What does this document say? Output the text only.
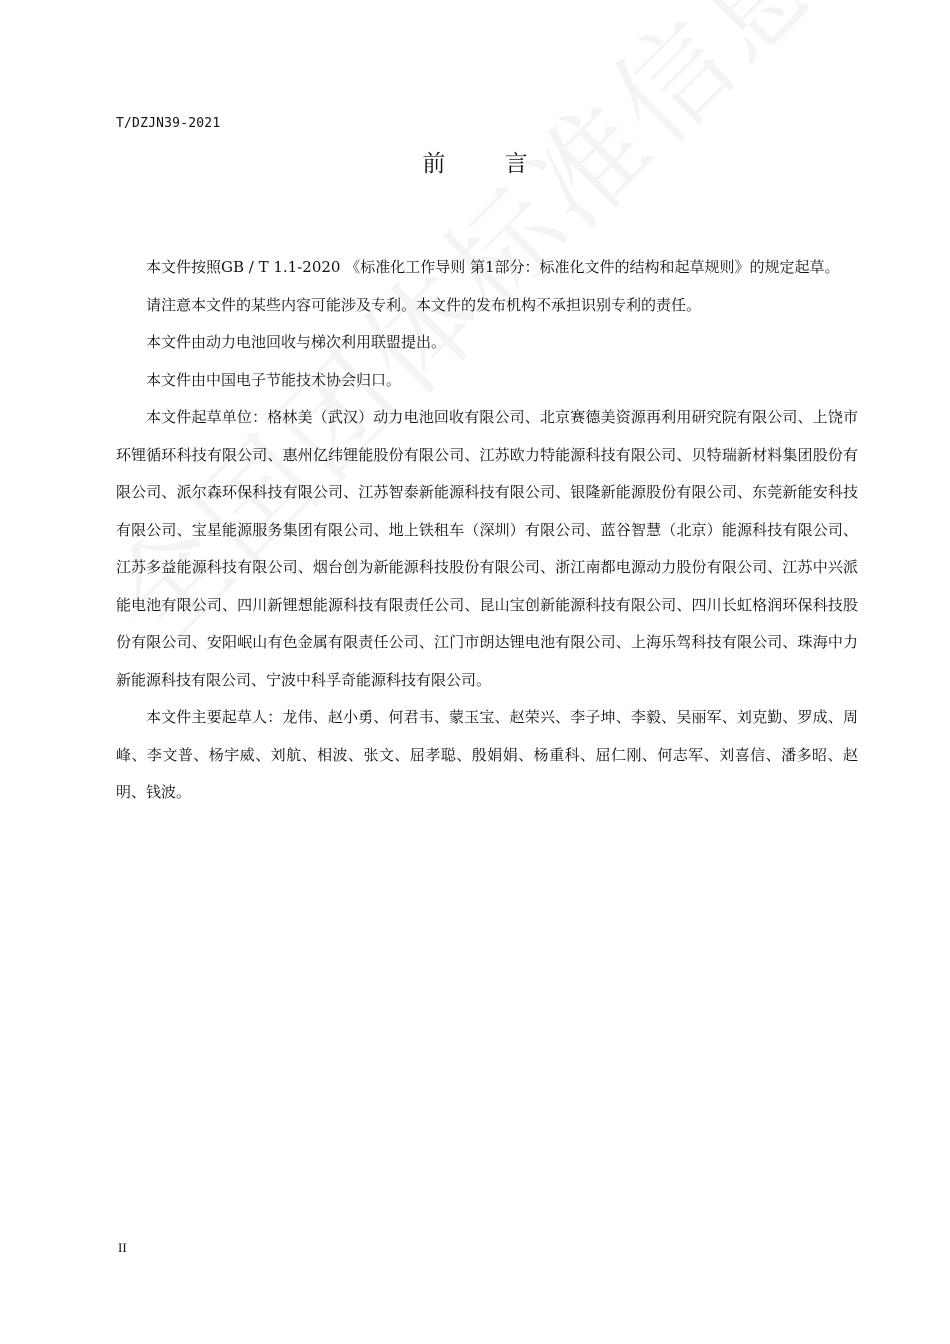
T/DZJN39-2021
前 言

本文件按照GB / T 1.1-2020 《标准化工作导则 第1部分：标准化文件的结构和起草规则》的规定起草。

请注意本文件的某些内容可能涉及专利。本文件的发布机构不承担识别专利的责任。

本文件由动力电池回收与梯次利用联盟提出。

本文件由中国电子节能技术协会归口。

本文件起草单位：格林美（武汉）动力电池回收有限公司、北京赛德美资源再利用研究院有限公司、上饶市环锂循环科技有限公司、惠州亿纬锂能股份有限公司、江苏欧力特能源科技有限公司、贝特瑞新材料集团股份有限公司、派尔森环保科技有限公司、江苏智泰新能源科技有限公司、银隆新能源股份有限公司、东莞新能安科技有限公司、宝星能源服务集团有限公司、地上铁租车（深圳）有限公司、蓝谷智慧（北京）能源科技有限公司、江苏多益能源科技有限公司、烟台创为新能源科技股份有限公司、浙江南都电源动力股份有限公司、江苏中兴派能电池有限公司、四川新锂想能源科技有限责任公司、昆山宝创新能源科技有限公司、四川长虹格润环保科技股份有限公司、安阳岷山有色金属有限责任公司、江门市朗达锂电池有限公司、上海乐驾科技有限公司、珠海中力新能源科技有限公司、宁波中科孚奇能源科技有限公司。

本文件主要起草人：龙伟、赵小勇、何君韦、蒙玉宝、赵荣兴、李子坤、李毅、吴丽军、刘克勤、罗成、周峰、李文普、杨宇威、刘航、相波、张文、屈孝聪、殷娟娟、杨重科、屈仁刚、何志军、刘喜信、潘多昭、赵明、钱波。

II
